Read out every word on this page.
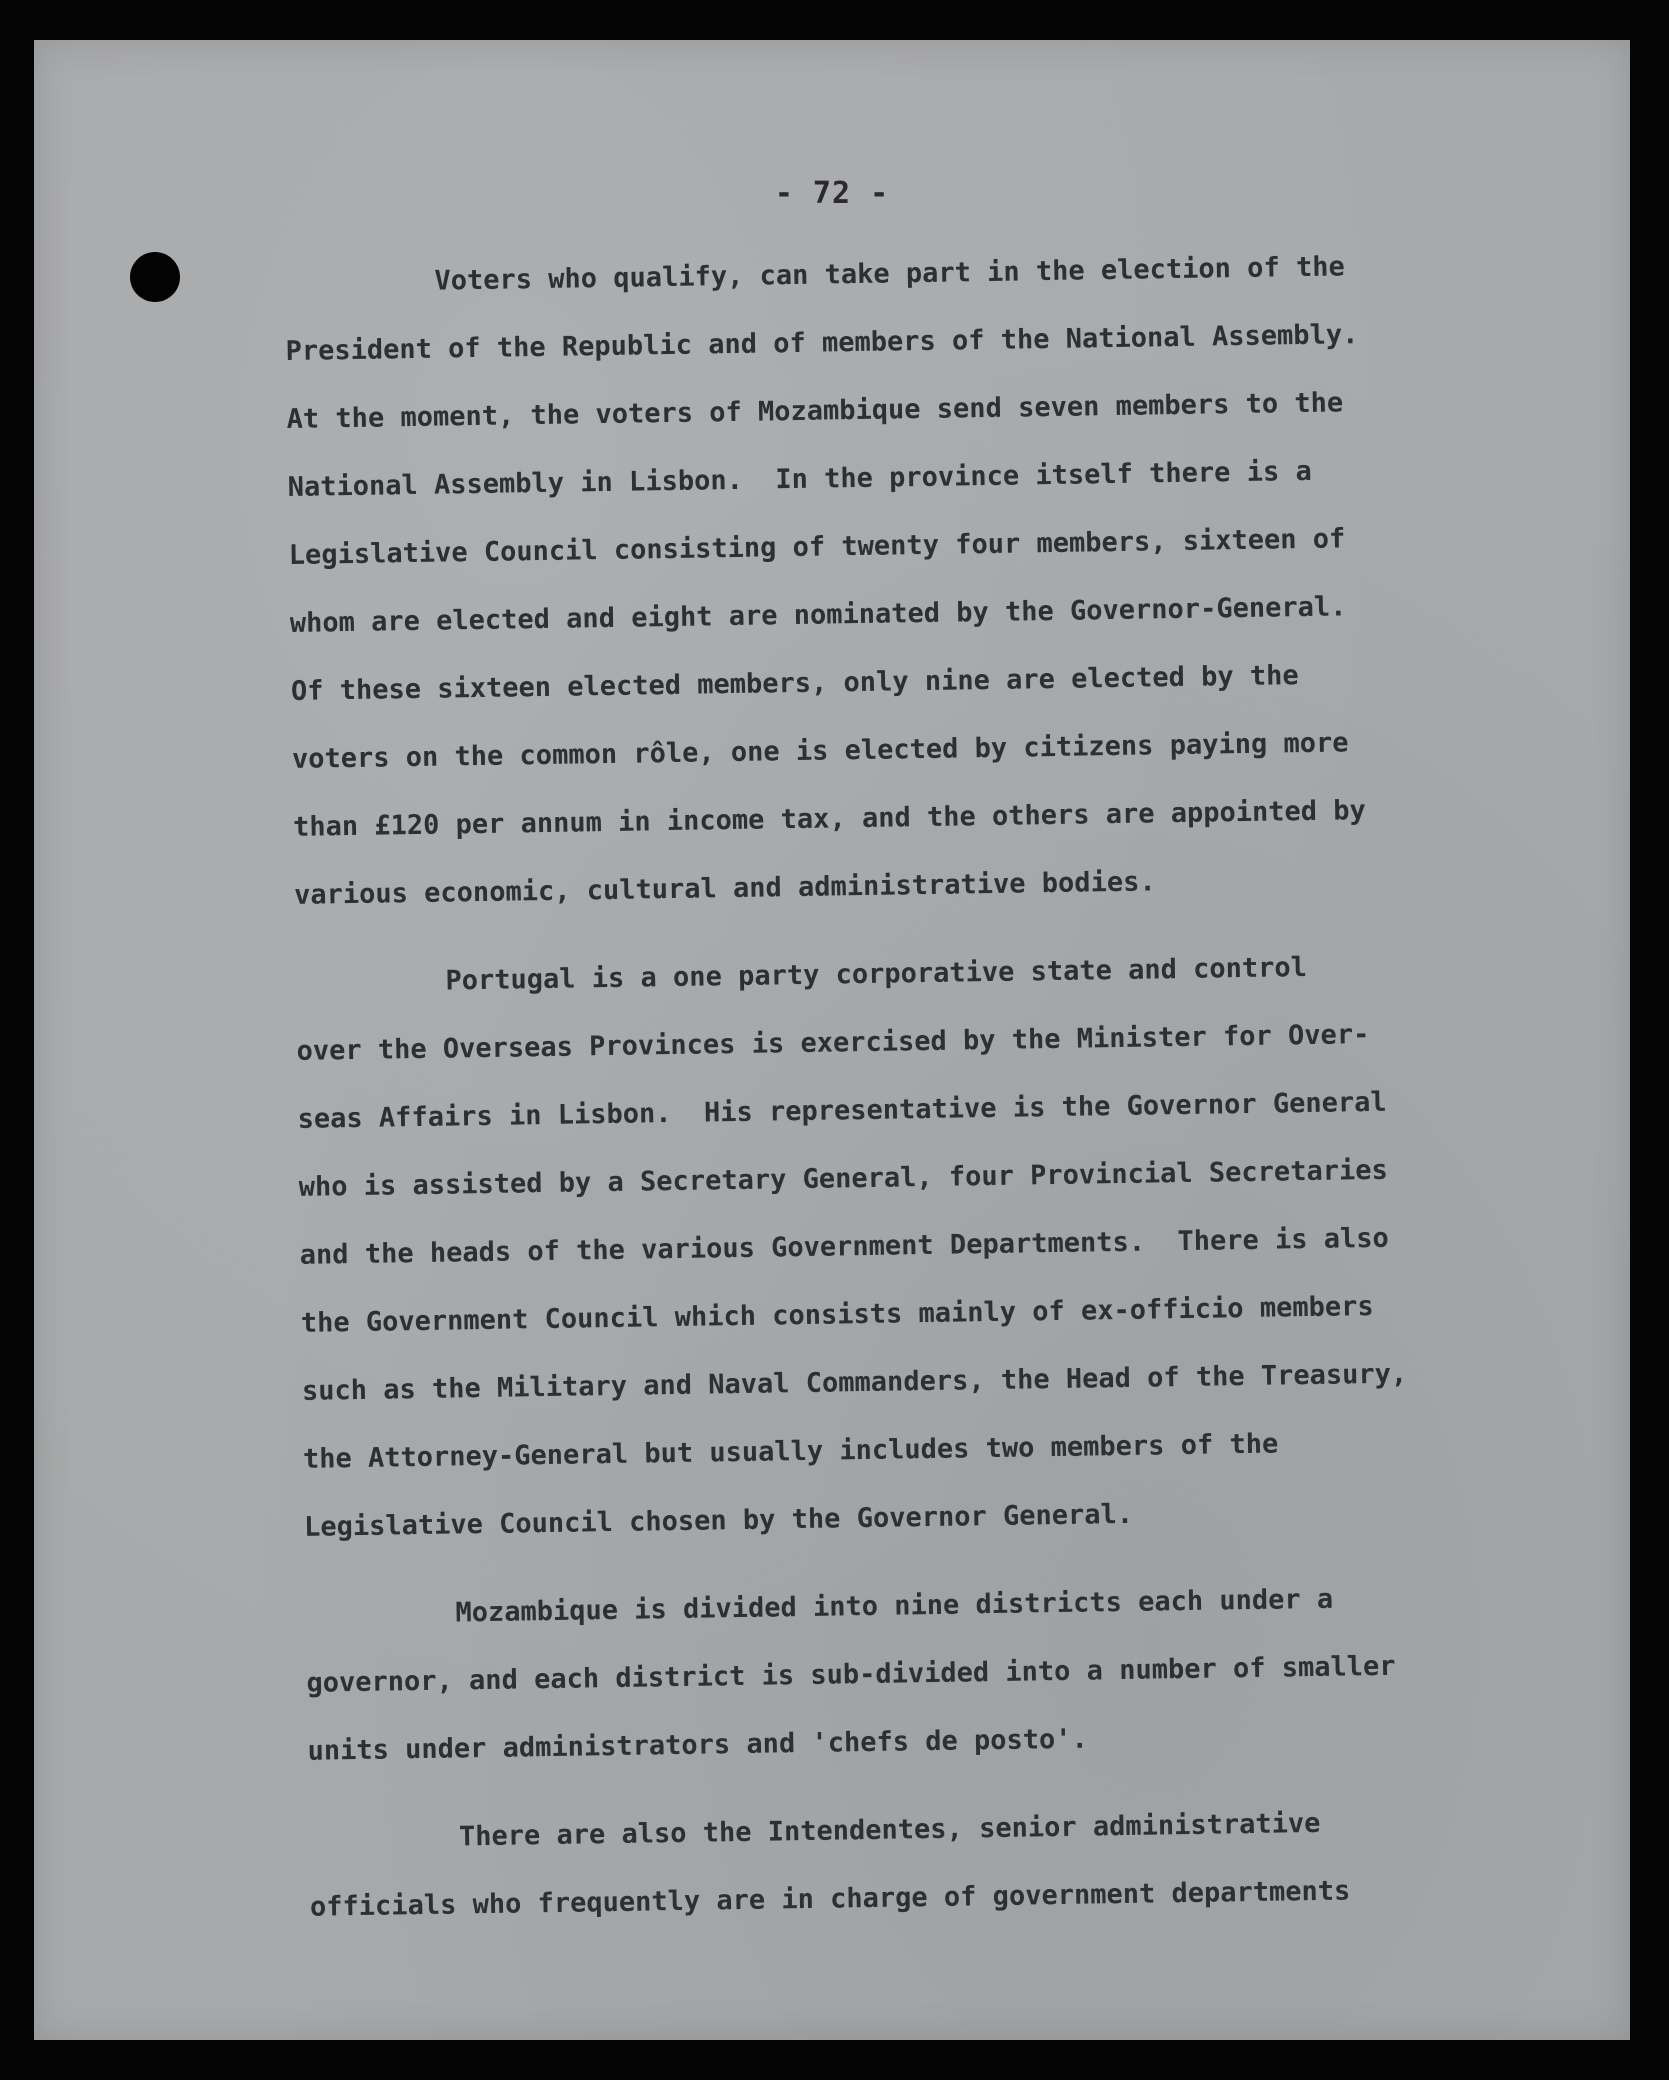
- 72 -
Voters who qualify, can take part in the election of the
President of the Republic and of members of the National Assembly.
At the moment, the voters of Mozambique send seven members to the
National Assembly in Lisbon.  In the province itself there is a
Legislative Council consisting of twenty four members, sixteen of
whom are elected and eight are nominated by the Governor-General.
Of these sixteen elected members, only nine are elected by the
voters on the common rôle, one is elected by citizens paying more
than £120 per annum in income tax, and the others are appointed by
various economic, cultural and administrative bodies.
Portugal is a one party corporative state and control
over the Overseas Provinces is exercised by the Minister for Over-
seas Affairs in Lisbon.  His representative is the Governor General
who is assisted by a Secretary General, four Provincial Secretaries
and the heads of the various Government Departments.  There is also
the Government Council which consists mainly of ex-officio members
such as the Military and Naval Commanders, the Head of the Treasury,
the Attorney-General but usually includes two members of the
Legislative Council chosen by the Governor General.
Mozambique is divided into nine districts each under a
governor, and each district is sub-divided into a number of smaller
units under administrators and 'chefs de posto'.
There are also the Intendentes, senior administrative
officials who frequently are in charge of government departments
